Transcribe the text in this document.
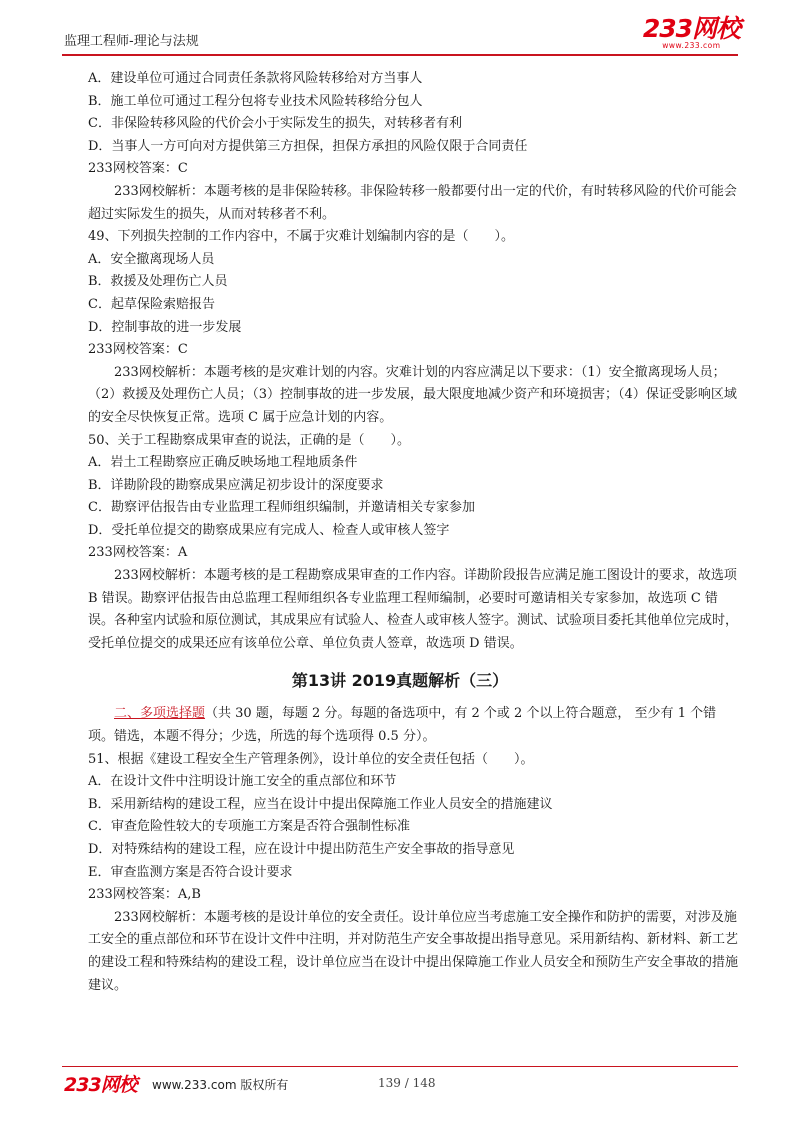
监理工程师-理论与法规	233网校
www.233.com

A．建设单位可通过合同责任条款将风险转移给对方当事人

B．施工单位可通过工程分包将专业技术风险转移给分包人

C．非保险转移风险的代价会小于实际发生的损失，对转移者有利

D．当事人一方可向对方提供第三方担保，担保方承担的风险仅限于合同责任

233网校答案：C

233网校解析：本题考核的是非保险转移。非保险转移一般都要付出一定的代价，有时转移风险的代价可能会超过实际发生的损失，从而对转移者不利。

49、下列损失控制的工作内容中，不属于灾难计划编制内容的是（　　）。

A．安全撤离现场人员

B．救援及处理伤亡人员

C．起草保险索赔报告

D．控制事故的进一步发展

233网校答案：C

233网校解析：本题考核的是灾难计划的内容。灾难计划的内容应满足以下要求：（1）安全撤离现场人员；（2）救援及处理伤亡人员；（3）控制事故的进一步发展，最大限度地减少资产和环境损害；（4）保证受影响区域的安全尽快恢复正常。选项 C 属于应急计划的内容。

50、关于工程勘察成果审查的说法，正确的是（　　）。

A．岩土工程勘察应正确反映场地工程地质条件

B．详勘阶段的勘察成果应满足初步设计的深度要求

C．勘察评估报告由专业监理工程师组织编制，并邀请相关专家参加

D．受托单位提交的勘察成果应有完成人、检查人或审核人签字

233网校答案：A

233网校解析：本题考核的是工程勘察成果审查的工作内容。详勘阶段报告应满足施工图设计的要求，故选项 B 错误。勘察评估报告由总监理工程师组织各专业监理工程师编制，必要时可邀请相关专家参加，故选项 C 错误。各种室内试验和原位测试，其成果应有试验人、检查人或审核人签字。测试、试验项目委托其他单位完成时，受托单位提交的成果还应有该单位公章、单位负责人签章，故选项 D 错误。

第13讲 2019真题解析（三）

二、多项选择题（共 30 题，每题 2 分。每题的备选项中，有 2 个或 2 个以上符合题意， 至少有 1 个错项。错选，本题不得分；少选，所选的每个选项得 0.5 分）。

51、根据《建设工程安全生产管理条例》，设计单位的安全责任包括（　　）。

A．在设计文件中注明设计施工安全的重点部位和环节

B．采用新结构的建设工程，应当在设计中提出保障施工作业人员安全的措施建议

C．审查危险性较大的专项施工方案是否符合强制性标准

D．对特殊结构的建设工程，应在设计中提出防范生产安全事故的指导意见

E．审查监测方案是否符合设计要求

233网校答案：A,B

233网校解析：本题考核的是设计单位的安全责任。设计单位应当考虑施工安全操作和防护的需要，对涉及施工安全的重点部位和环节在设计文件中注明，并对防范生产安全事故提出指导意见。采用新结构、新材料、新工艺的建设工程和特殊结构的建设工程，设计单位应当在设计中提出保障施工作业人员安全和预防生产安全事故的措施建议。

233网校 www.233.com 版权所有	139 / 148
